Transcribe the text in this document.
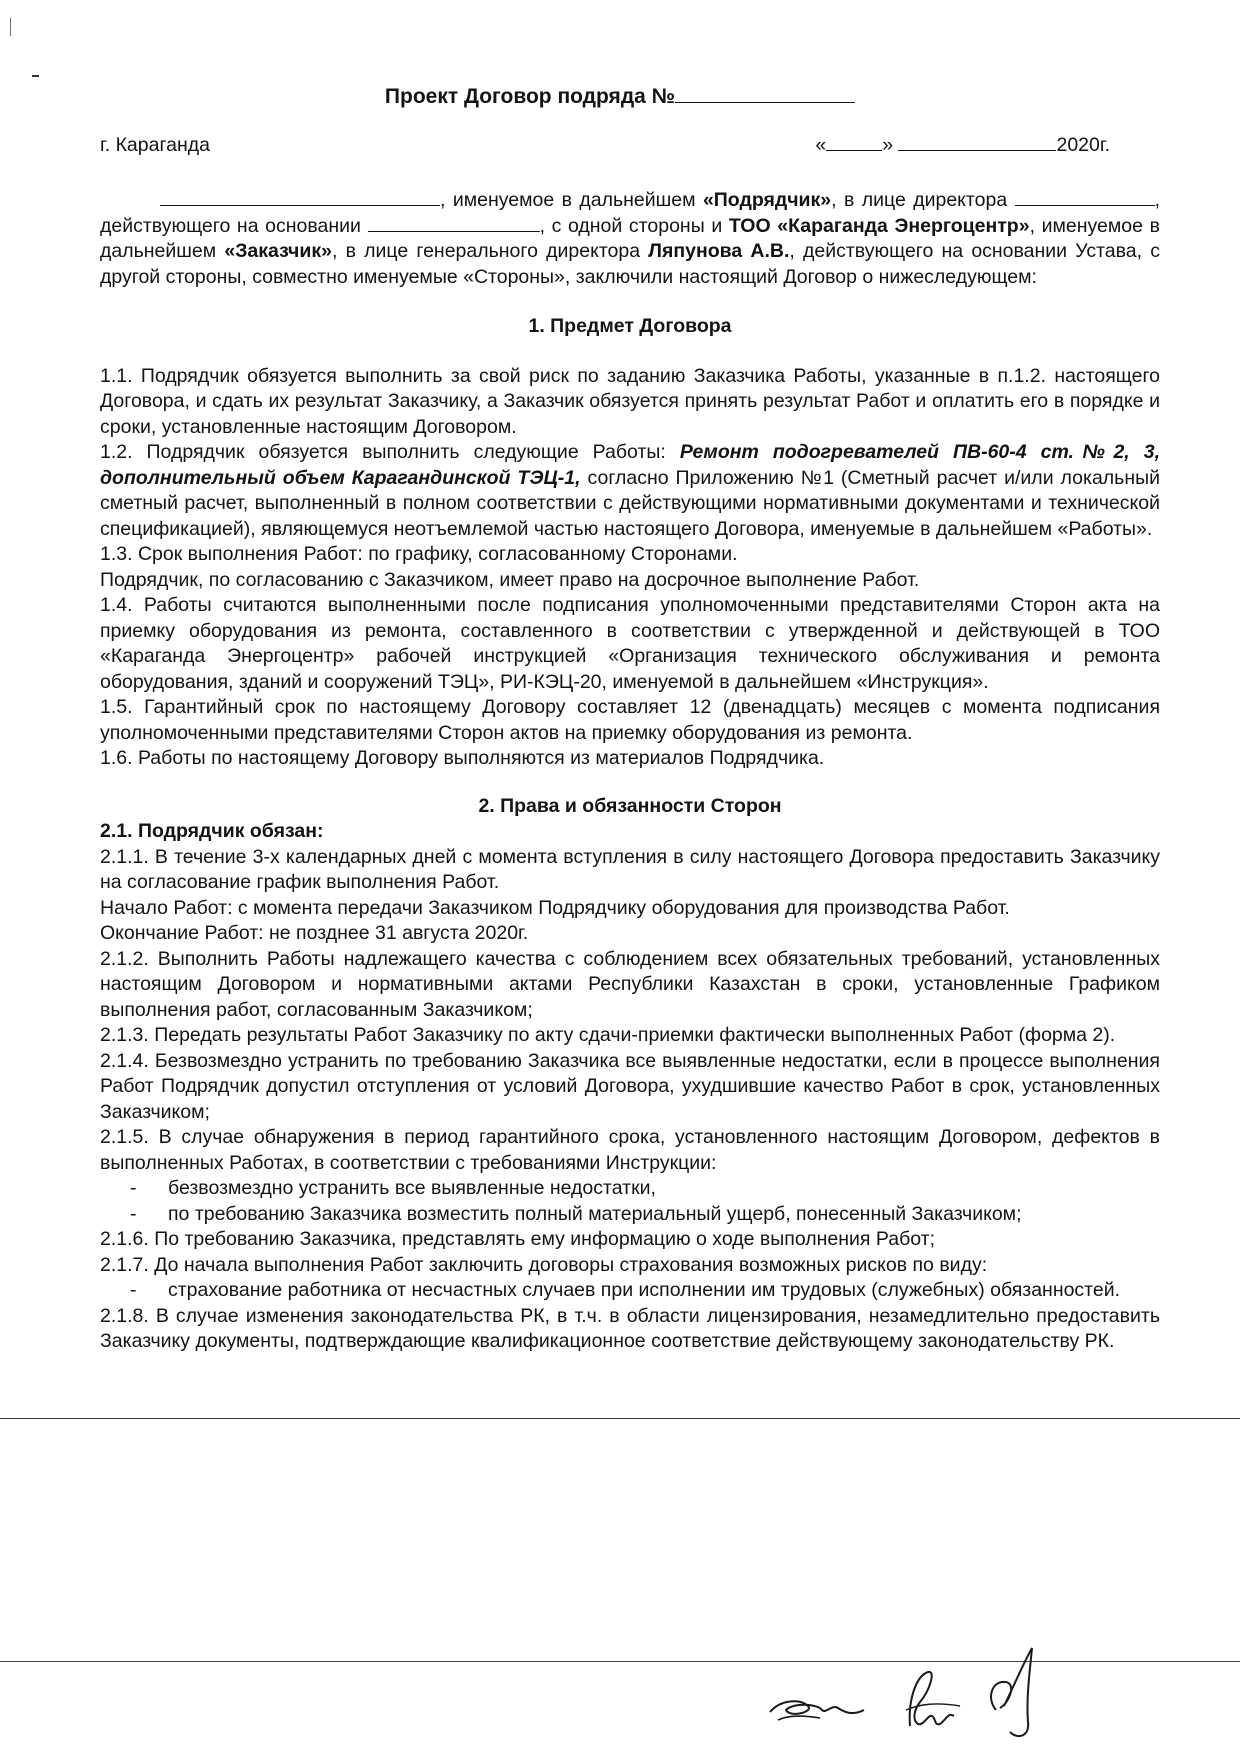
Проект Договор подряда №
г. Караганда	«	»	2020г.

, именуемое в дальнейшем «Подрядчик», в лице директора	, действующего на основании	, с одной стороны и ТОО «Караганда Энергоцентр», именуемое в дальнейшем «Заказчик», в лице генерального директора Ляпунова А.В., действующего на основании Устава, с другой стороны, совместно именуемые «Стороны», заключили настоящий Договор о нижеследующем:

1. Предмет Договора

1.1. Подрядчик обязуется выполнить за свой риск по заданию Заказчика Работы, указанные в п.1.2. настоящего Договора, и сдать их результат Заказчику, а Заказчик обязуется принять результат Работ и оплатить его в порядке и сроки, установленные настоящим Договором.

1.2. Подрядчик обязуется выполнить следующие Работы: Ремонт подогревателей ПВ-60-4 ст.№2, 3, дополнительный объем Карагандинской ТЭЦ-1, согласно Приложению №1 (Сметный расчет и/или локальный сметный расчет, выполненный в полном соответствии с действующими нормативными документами и технической спецификацией), являющемуся неотъемлемой частью настоящего Договора, именуемые в дальнейшем «Работы».

1.3. Срок выполнения Работ: по графику, согласованному Сторонами.

Подрядчик, по согласованию с Заказчиком, имеет право на досрочное выполнение Работ.

1.4. Работы считаются выполненными после подписания уполномоченными представителями Сторон акта на приемку оборудования из ремонта, составленного в соответствии с утвержденной и действующей в ТОО «Караганда Энергоцентр» рабочей инструкцией «Организация технического обслуживания и ремонта оборудования, зданий и сооружений ТЭЦ», РИ-КЭЦ-20, именуемой в дальнейшем «Инструкция».

1.5. Гарантийный срок по настоящему Договору составляет 12 (двенадцать) месяцев с момента подписания уполномоченными представителями Сторон актов на приемку оборудования из ремонта.

1.6. Работы по настоящему Договору выполняются из материалов Подрядчика.

2. Права и обязанности Сторон

2.1. Подрядчик обязан:

2.1.1. В течение 3-х календарных дней с момента вступления в силу настоящего Договора предоставить Заказчику на согласование график выполнения Работ.

Начало Работ: с момента передачи Заказчиком Подрядчику оборудования для производства Работ.

Окончание Работ: не позднее 31 августа 2020г.

2.1.2. Выполнить Работы надлежащего качества с соблюдением всех обязательных требований, установленных настоящим Договором и нормативными актами Республики Казахстан в сроки, установленные Графиком выполнения работ, согласованным Заказчиком;

2.1.3. Передать результаты Работ Заказчику по акту сдачи-приемки фактически выполненных Работ (форма 2).

2.1.4. Безвозмездно устранить по требованию Заказчика все выявленные недостатки, если в процессе выполнения Работ Подрядчик допустил отступления от условий Договора, ухудшившие качество Работ в срок, установленных Заказчиком;

2.1.5. В случае обнаружения в период гарантийного срока, установленного настоящим Договором, дефектов в выполненных Работах, в соответствии с требованиями Инструкции:

- безвозмездно устранить все выявленные недостатки,

- по требованию Заказчика возместить полный материальный ущерб, понесенный Заказчиком;

2.1.6. По требованию Заказчика, представлять ему информацию о ходе выполнения Работ;

2.1.7. До начала выполнения Работ заключить договоры страхования возможных рисков по виду:

- страхование работника от несчастных случаев при исполнении им трудовых (служебных) обязанностей.

2.1.8. В случае изменения законодательства РК, в т.ч. в области лицензирования, незамедлительно предоставить Заказчику документы, подтверждающие квалификационное соответствие действующему законодательству РК.
